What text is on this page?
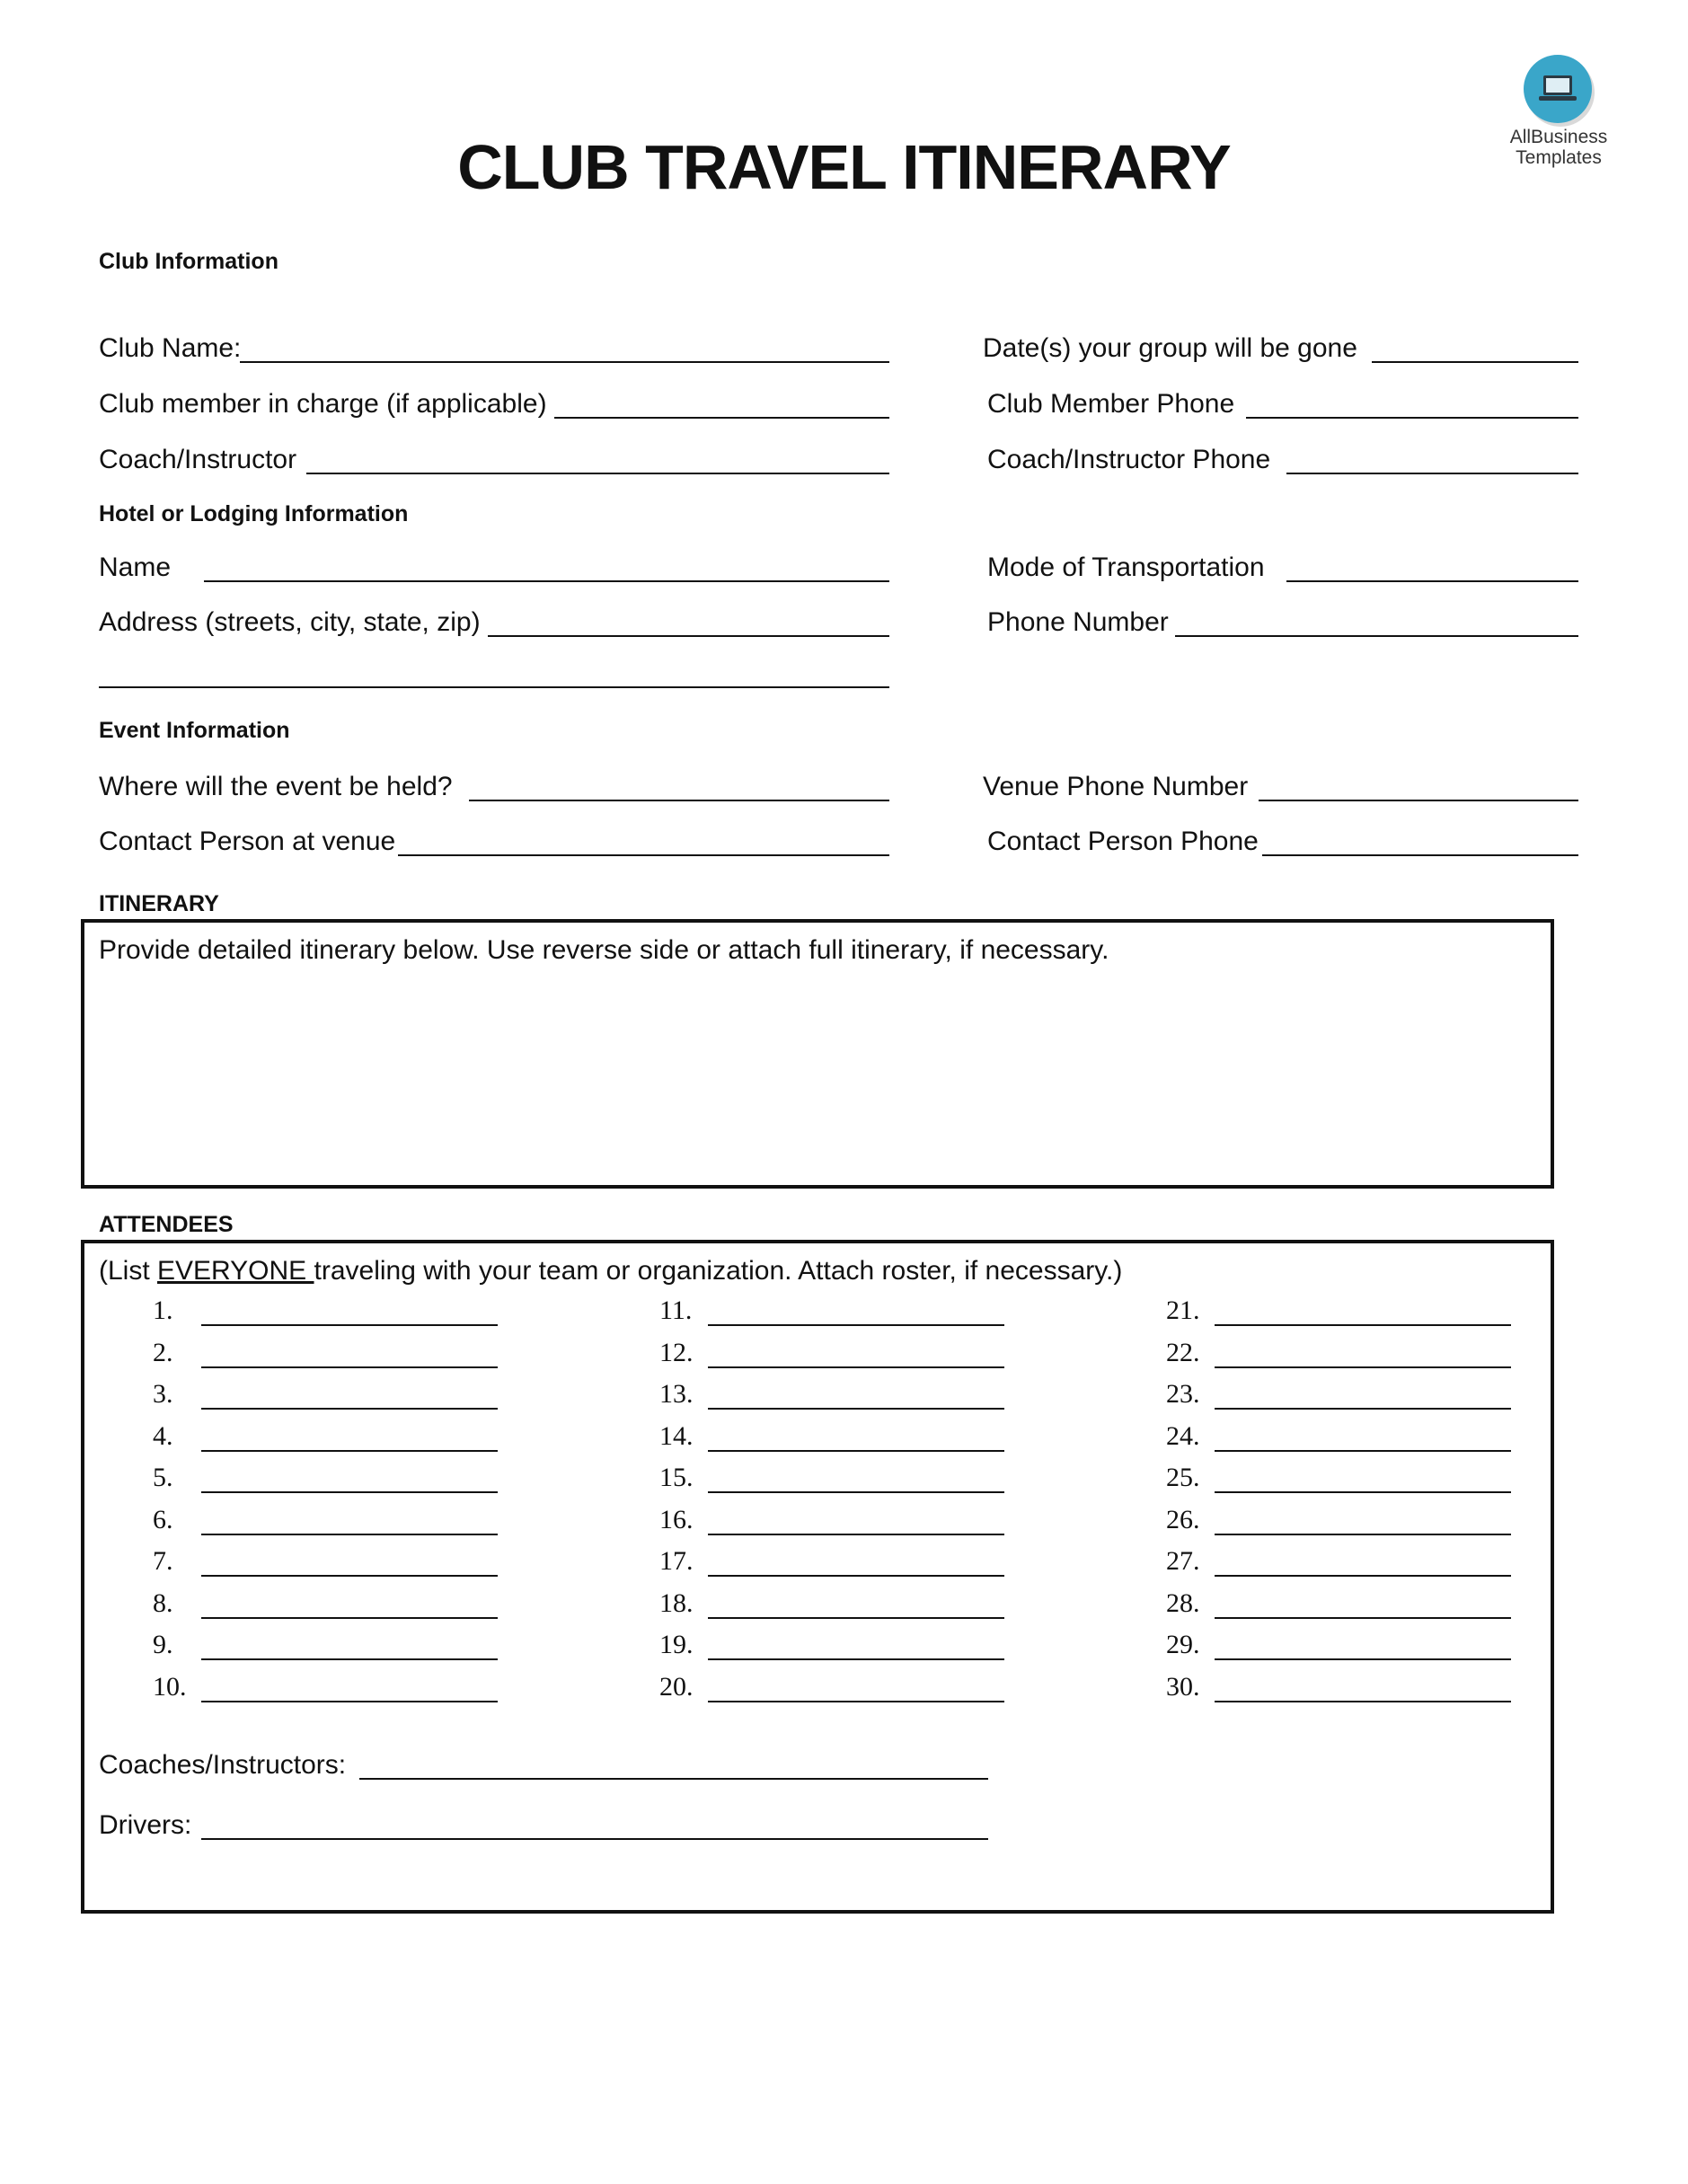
AllBusiness
Templates
CLUB TRAVEL ITINERARY
Club Information
Club Name:	Date(s) your group will be gone
Club member in charge (if applicable)	Club Member Phone
Coach/Instructor	Coach/Instructor Phone
Hotel or Lodging Information
Name	Mode of Transportation
Address (streets, city, state, zip)	Phone Number
Event Information
Where will the event be held?	Venue Phone Number
Contact Person at venue	Contact Person Phone
ITINERARY
Provide detailed itinerary below. Use reverse side or attach full itinerary, if necessary.
ATTENDEES
(List EVERYONE traveling with your team or organization. Attach roster, if necessary.)
1.
2.
3.
4.
5.
6.
7.
8.
9.
10.
11.
12.
13.
14.
15.
16.
17.
18.
19.
20.
21.
22.
23.
24.
25.
26.
27.
28.
29.
30.
Coaches/Instructors:
Drivers:
